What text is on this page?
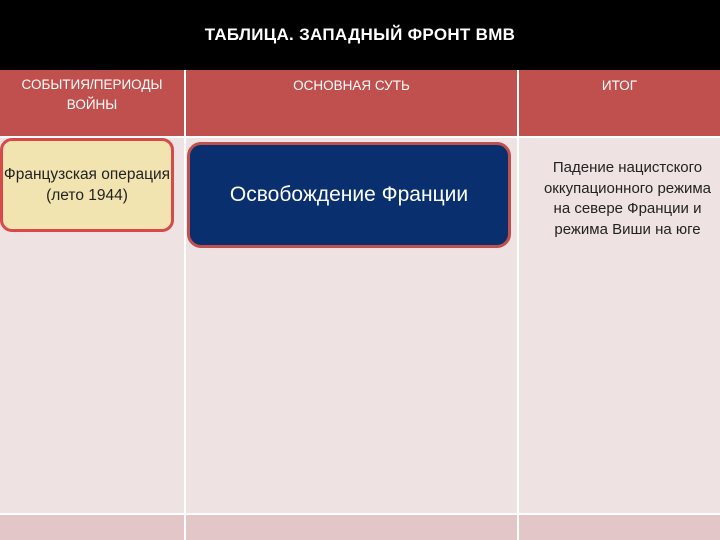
ТАБЛИЦА. ЗАПАДНЫЙ ФРОНТ ВМВ
СОБЫТИЯ/ПЕРИОДЫ ВОЙНЫ
ОСНОВНАЯ СУТЬ	ИТОГ
Французская операция (лето 1944)	Освобождение Франции
Падение нацистского оккупационного режима на севере Франции и режима Виши на юге
